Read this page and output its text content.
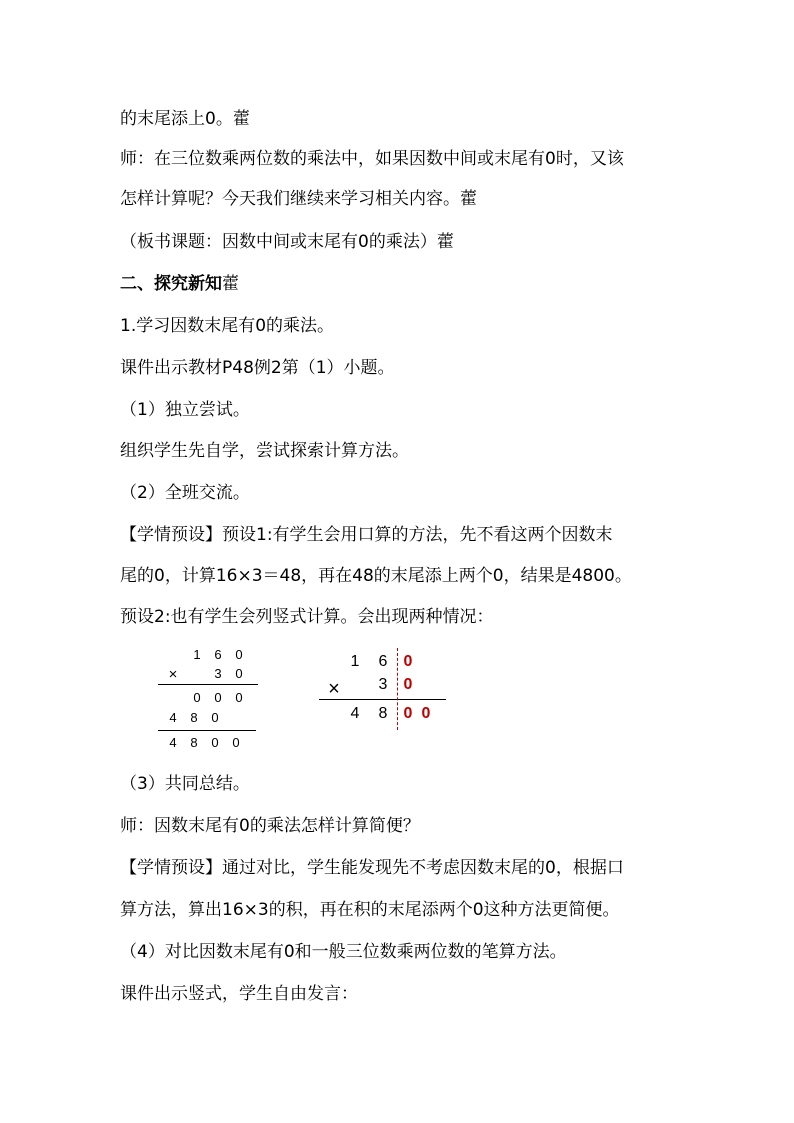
的末尾添上0。藿
师：在三位数乘两位数的乘法中，如果因数中间或末尾有0时，又该
怎样计算呢？今天我们继续来学习相关内容。藿
（板书课题：因数中间或末尾有0的乘法）藿
二、探究新知藿
1.学习因数末尾有0的乘法。
课件出示教材P48例2第（1）小题。
（1）独立尝试。
组织学生先自学，尝试探索计算方法。
（2）全班交流。
【学情预设】预设1:有学生会用口算的方法，先不看这两个因数末
尾的0，计算16×3＝48，再在48的末尾添上两个0，结果是4800。
预设2:也有学生会列竖式计算。会出现两种情况：
1 6 0
×	3 0
0 0 0
4 8 0
4 8 0 0
1 6 0
× 3 0
4 8 0 0
（3）共同总结。
师：因数末尾有0的乘法怎样计算简便？
【学情预设】通过对比，学生能发现先不考虑因数末尾的0，根据口
算方法，算出16×3的积，再在积的末尾添两个0这种方法更简便。
（4）对比因数末尾有0和一般三位数乘两位数的笔算方法。
课件出示竖式，学生自由发言：
